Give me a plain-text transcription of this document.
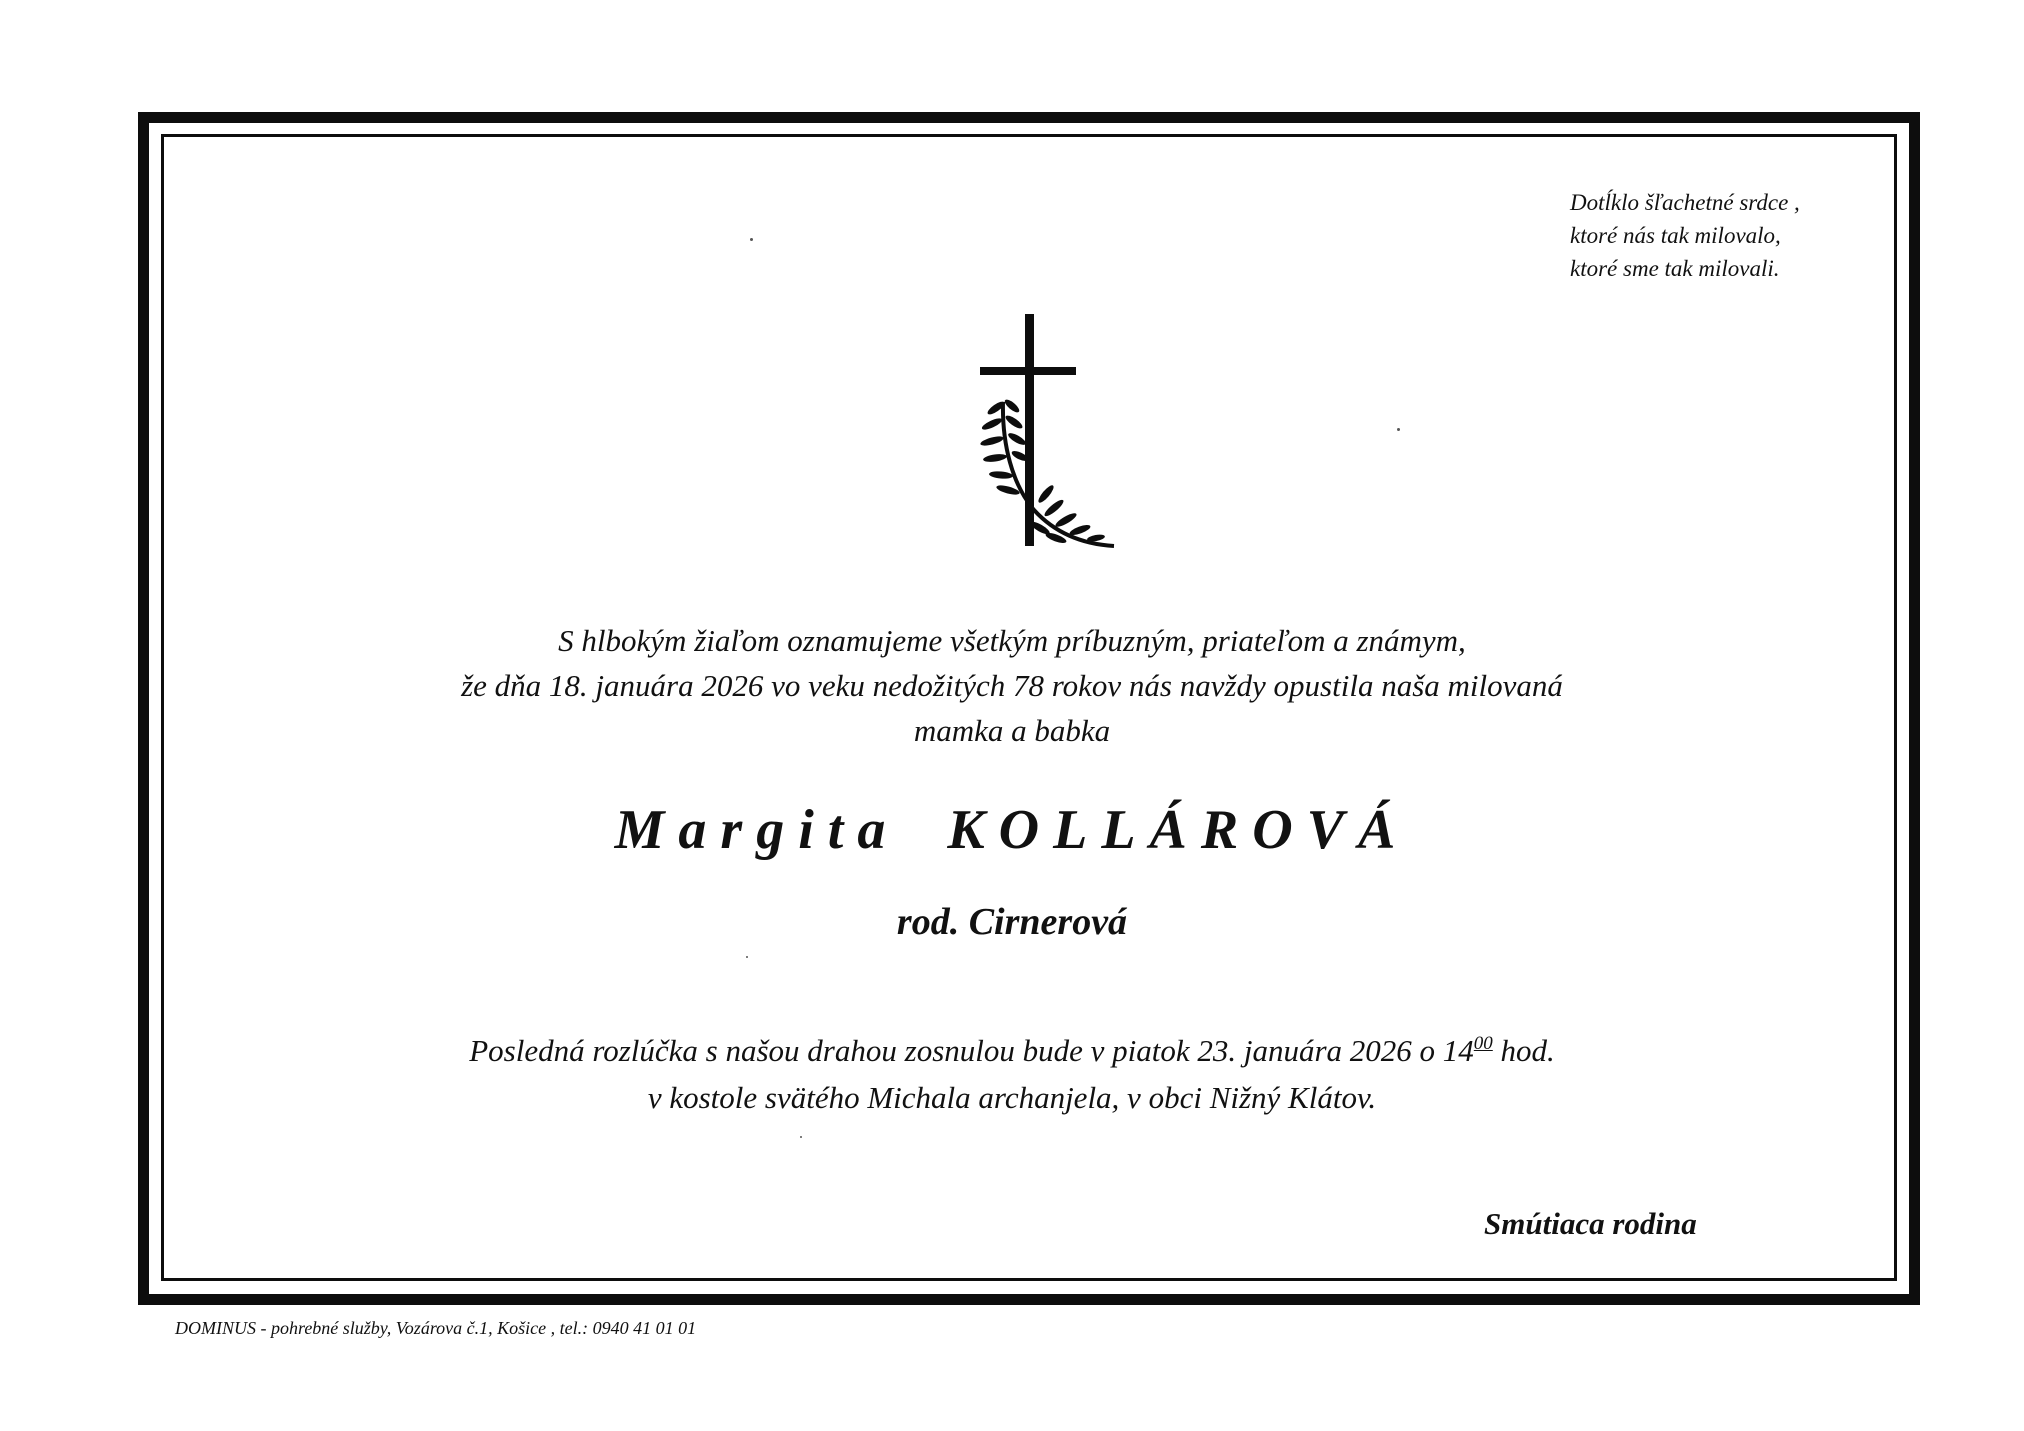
Dotĺklo šľachetné srdce ,
ktoré nás tak milovalo,
ktoré sme tak milovali.
S hlbokým žiaľom oznamujeme všetkým príbuzným, priateľom a známym,
že dňa 18. januára 2026 vo veku nedožitých 78 rokov nás navždy opustila naša milovaná
mamka a babka
Margita KOLLÁROVÁ
rod. Cirnerová
Posledná rozlúčka s našou drahou zosnulou bude v piatok 23. januára 2026 o $14^{00}$ hod.
v kostole svätého Michala archanjela, v obci Nižný Klátov.
Smútiaca rodina
DOMINUS - pohrebné služby, Vozárova č.1, Košice , tel.: 0940 41 01 01
